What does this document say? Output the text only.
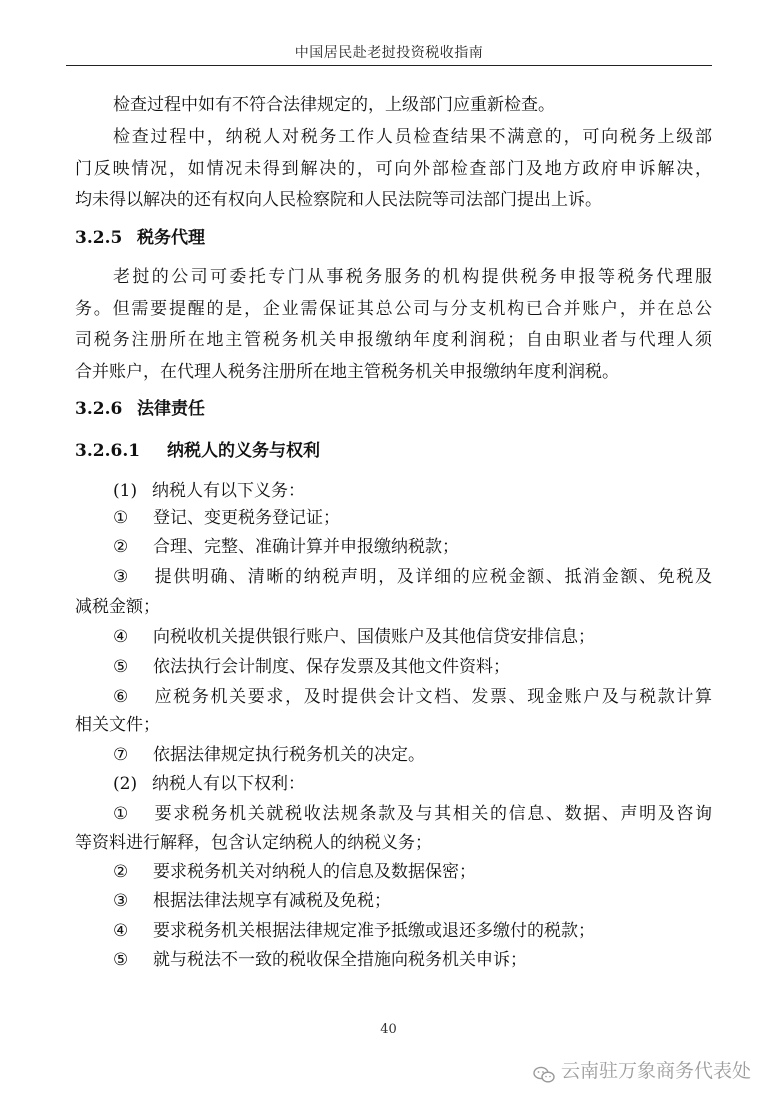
中国居民赴老挝投资税收指南
检查过程中如有不符合法律规定的，上级部门应重新检查。
检查过程中，纳税人对税务工作人员检查结果不满意的，可向税务上级部
门反映情况，如情况未得到解决的，可向外部检查部门及地方政府申诉解决，
均未得以解决的还有权向人民检察院和人民法院等司法部门提出上诉。
3.2.5 税务代理
老挝的公司可委托专门从事税务服务的机构提供税务申报等税务代理服
务。但需要提醒的是，企业需保证其总公司与分支机构已合并账户，并在总公
司税务注册所在地主管税务机关申报缴纳年度利润税；自由职业者与代理人须
合并账户，在代理人税务注册所在地主管税务机关申报缴纳年度利润税。
3.2.6 法律责任
3.2.6.1 纳税人的义务与权利
(1) 纳税人有以下义务：
① 登记、变更税务登记证；
② 合理、完整、准确计算并申报缴纳税款；
③ 提供明确、清晰的纳税声明，及详细的应税金额、抵消金额、免税及
减税金额；
④ 向税收机关提供银行账户、国债账户及其他信贷安排信息；
⑤ 依法执行会计制度、保存发票及其他文件资料；
⑥ 应税务机关要求，及时提供会计文档、发票、现金账户及与税款计算
相关文件；
⑦ 依据法律规定执行税务机关的决定。
(2) 纳税人有以下权利：
① 要求税务机关就税收法规条款及与其相关的信息、数据、声明及咨询
等资料进行解释，包含认定纳税人的纳税义务；
② 要求税务机关对纳税人的信息及数据保密；
③ 根据法律法规享有减税及免税；
④ 要求税务机关根据法律规定准予抵缴或退还多缴付的税款；
⑤ 就与税法不一致的税收保全措施向税务机关申诉；
40
云南驻万象商务代表处
